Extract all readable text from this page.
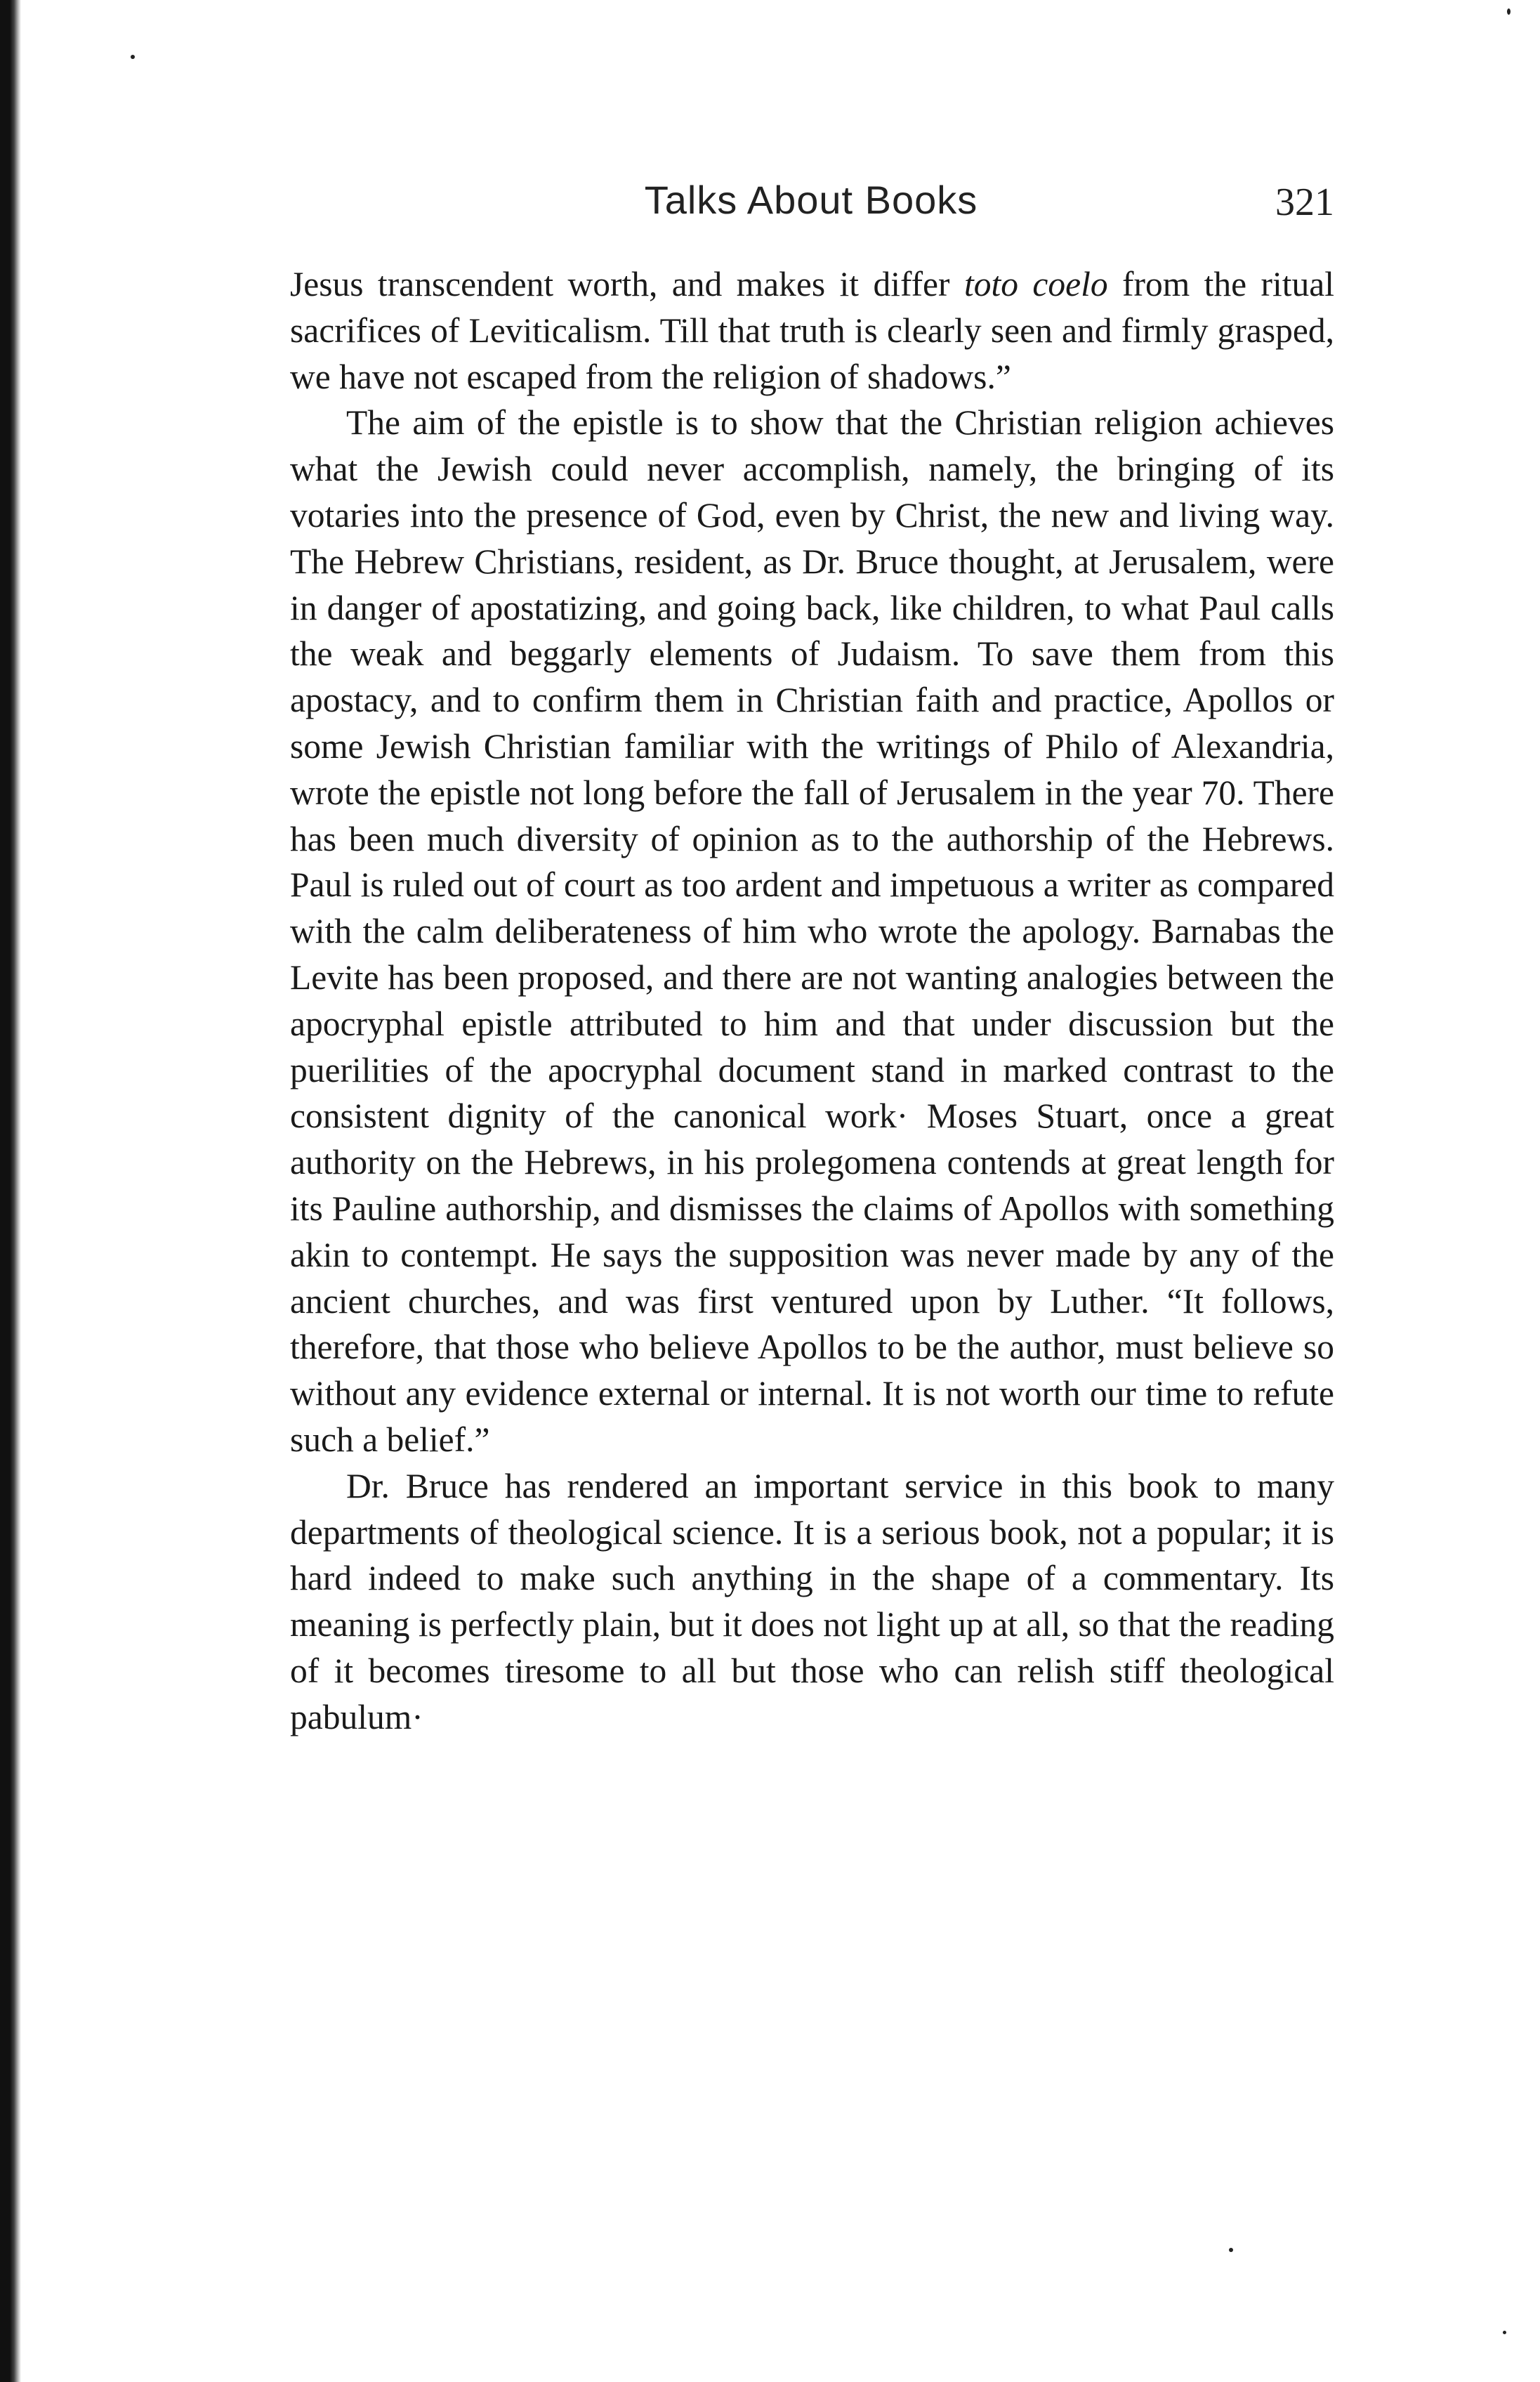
Talks About Books	321

Jesus transcendent worth, and makes it differ toto coelo from the ritual sacrifices of Leviticalism. Till that truth is clearly seen and firmly grasped, we have not escaped from the religion of shadows.”

The aim of the epistle is to show that the Christian religion achieves what the Jewish could never accomplish, namely, the bringing of its votaries into the presence of God, even by Christ, the new and living way. The Hebrew Christians, resident, as Dr. Bruce thought, at Jerusalem, were in danger of apostatizing, and going back, like children, to what Paul calls the weak and beggarly elements of Judaism. To save them from this apostacy, and to confirm them in Christian faith and practice, Apollos or some Jewish Christian familiar with the writings of Philo of Alexandria, wrote the epistle not long before the fall of Jerusalem in the year 70. There has been much diversity of opinion as to the authorship of the Hebrews. Paul is ruled out of court as too ardent and impetuous a writer as compared with the calm deliberateness of him who wrote the apology. Barnabas the Levite has been proposed, and there are not wanting analogies between the apocryphal epistle attributed to him and that under discussion but the puerilities of the apocryphal document stand in marked contrast to the consistent dignity of the canonical work· Moses Stuart, once a great authority on the Hebrews, in his prolegomena contends at great length for its Pauline authorship, and dismisses the claims of Apollos with something akin to contempt. He says the supposition was never made by any of the ancient churches, and was first ventured upon by Luther. “It follows, therefore, that those who believe Apollos to be the author, must believe so without any evidence external or internal. It is not worth our time to refute such a belief.”

Dr. Bruce has rendered an important service in this book to many departments of theological science. It is a serious book, not a popular; it is hard indeed to make such anything in the shape of a commentary. Its meaning is perfectly plain, but it does not light up at all, so that the reading of it becomes tiresome to all but those who can relish stiff theological pabulum·
